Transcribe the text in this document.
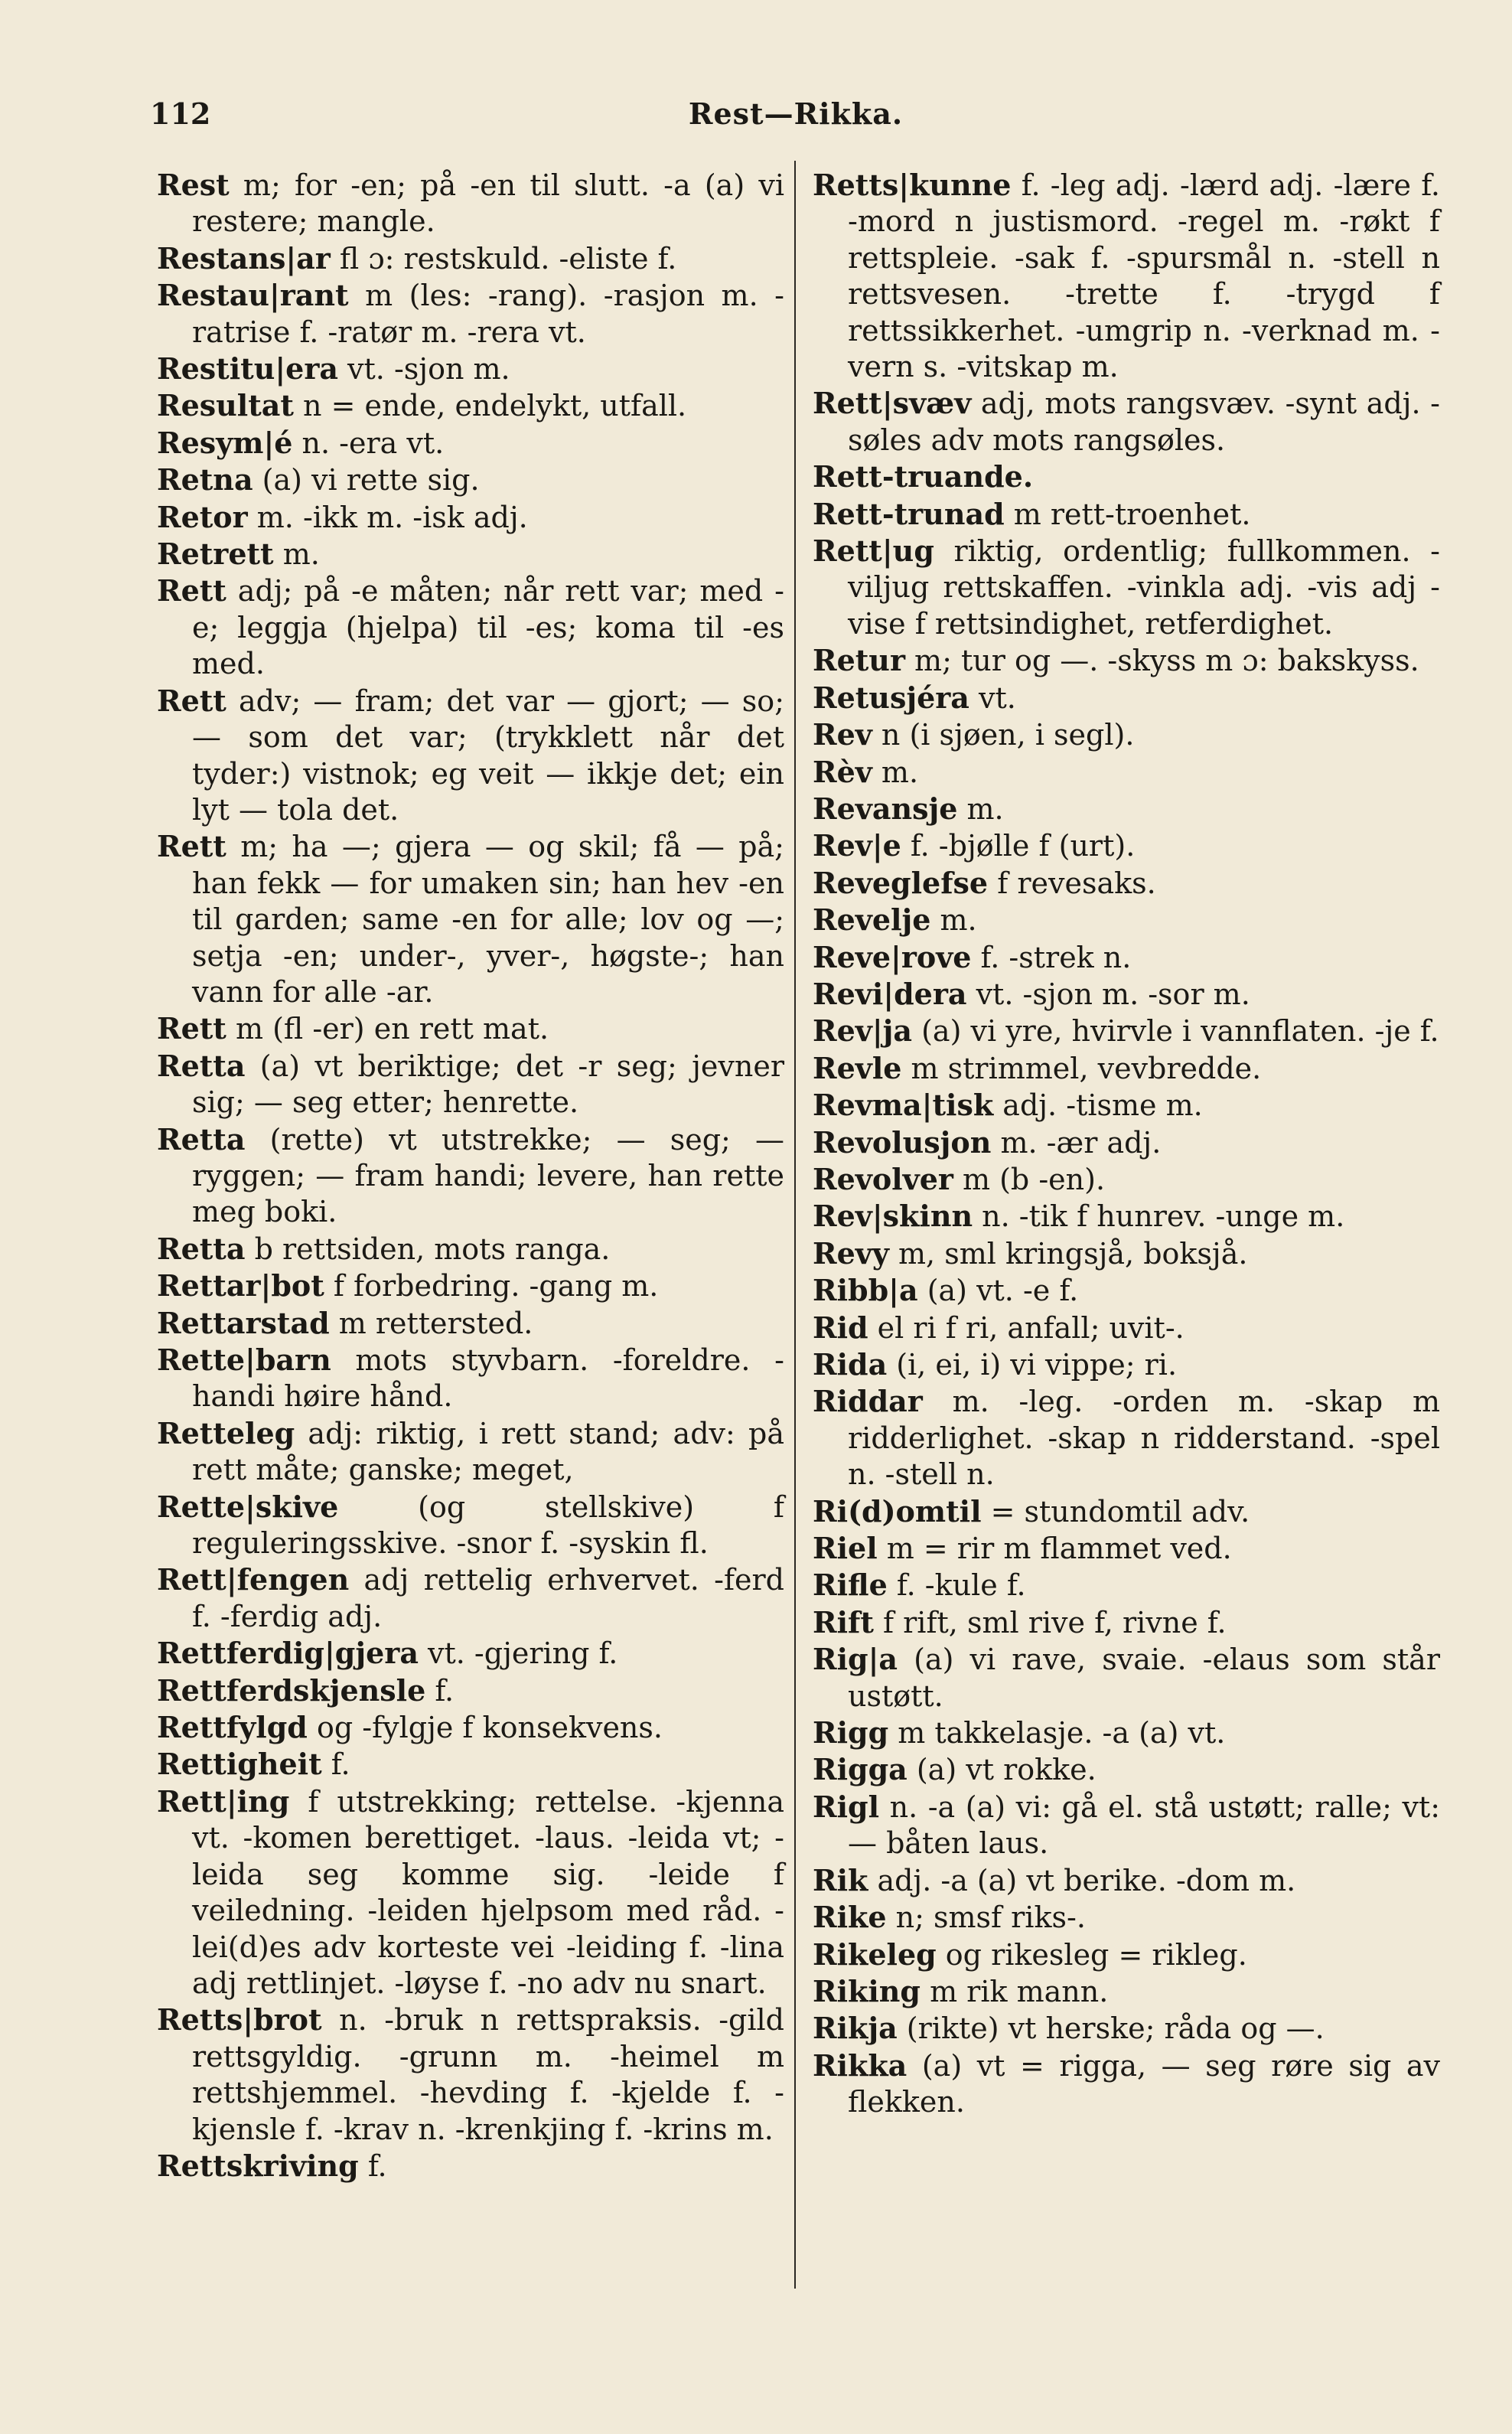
112	Rest—Rikka.

Rest m; for -en; på -en til slutt. -a (a) vi restere; mangle.

Restans|ar fl ɔ: restskuld. -eliste f.

Restau|rant m (les: -rang). -rasjon m. -ratrise f. -ratør m. -rera vt.

Restitu|era vt. -sjon m.

Resultat n = ende, endelykt, utfall.

Resym|é n. -era vt.

Retna (a) vi rette sig.

Retor m. -ikk m. -isk adj.

Retrett m.

Rett adj; på -e måten; når rett var; med -e; leggja (hjelpa) til -es; koma til -es med.

Rett adv; — fram; det var — gjort; — so; — som det var; (trykklett når det tyder:) vistnok; eg veit — ikkje det; ein lyt — tola det.

Rett m; ha —; gjera — og skil; få — på; han fekk — for umaken sin; han hev -en til garden; same -en for alle; lov og —; setja -en; under-, yver-, høgste-; han vann for alle -ar.

Rett m (fl -er) en rett mat.

Retta (a) vt beriktige; det -r seg; jevner sig; — seg etter; henrette.

Retta (rette) vt utstrekke; — seg; — ryggen; — fram handi; levere, han rette meg boki.

Retta b rettsiden, mots ranga.

Rettar|bot f forbedring. -gang m.

Rettarstad m rettersted.

Rette|barn mots styvbarn. -foreldre. -handi høire hånd.

Retteleg adj: riktig, i rett stand; adv: på rett måte; ganske; meget,

Rette|skive (og stellskive) f reguleringsskive. -snor f. -syskin fl.

Rett|fengen adj rettelig erhvervet. -ferd f. -ferdig adj.

Rettferdig|gjera vt. -gjering f.

Rettferdskjensle f.

Rettfylgd og -fylgje f konsekvens.

Rettigheit f.

Rett|ing f utstrekking; rettelse. -kjenna vt. -komen berettiget. -laus. -leida vt; -leida seg komme sig. -leide f veiledning. -leiden hjelpsom med råd. -lei(d)es adv korteste vei -leiding f. -lina adj rettlinjet. -løyse f. -no adv nu snart.

Retts|brot n. -bruk n rettspraksis. -gild rettsgyldig. -grunn m. -heimel m rettshjemmel. -hevding f. -kjelde f. -kjensle f. -krav n. -krenkjing f. -krins m.

Rettskriving f.

Retts|kunne f. -leg adj. -lærd adj. -lære f. -mord n justismord. -regel m. -røkt f rettspleie. -sak f. -spursmål n. -stell n rettsvesen. -trette f. -trygd f rettssikkerhet. -umgrip n. -verknad m. -vern s. -vitskap m.

Rett|svæv adj, mots rangsvæv. -synt adj. -søles adv mots rangsøles.

Rett-truande.

Rett-trunad m rett-troenhet.

Rett|ug riktig, ordentlig; fullkommen. -viljug rettskaffen. -vinkla adj. -vis adj -vise f rettsindighet, retferdighet.

Retur m; tur og —. -skyss m ɔ: bakskyss.

Retusjéra vt.

Rev n (i sjøen, i segl).

Rèv m.

Revansje m.

Rev|e f. -bjølle f (urt).

Reveglefse f revesaks.

Revelje m.

Reve|rove f. -strek n.

Revi|dera vt. -sjon m. -sor m.

Rev|ja (a) vi yre, hvirvle i vannflaten. -je f.

Revle m strimmel, vevbredde.

Revma|tisk adj. -tisme m.

Revolusjon m. -ær adj.

Revolver m (b -en).

Rev|skinn n. -tik f hunrev. -unge m.

Revy m, sml kringsjå, boksjå.

Ribb|a (a) vt. -e f.

Rid el ri f ri, anfall; uvit-.

Rida (i, ei, i) vi vippe; ri.

Riddar m. -leg. -orden m. -skap m ridderlighet. -skap n ridderstand. -spel n. -stell n.

Ri(d)omtil = stundomtil adv.

Riel m = rir m flammet ved.

Rifle f. -kule f.

Rift f rift, sml rive f, rivne f.

Rig|a (a) vi rave, svaie. -elaus som står ustøtt.

Rigg m takkelasje. -a (a) vt.

Rigga (a) vt rokke.

Rigl n. -a (a) vi: gå el. stå ustøtt; ralle; vt: — båten laus.

Rik adj. -a (a) vt berike. -dom m.

Rike n; smsf riks-.

Rikeleg og rikesleg = rikleg.

Riking m rik mann.

Rikja (rikte) vt herske; råda og —.

Rikka (a) vt = rigga, — seg røre sig av flekken.
